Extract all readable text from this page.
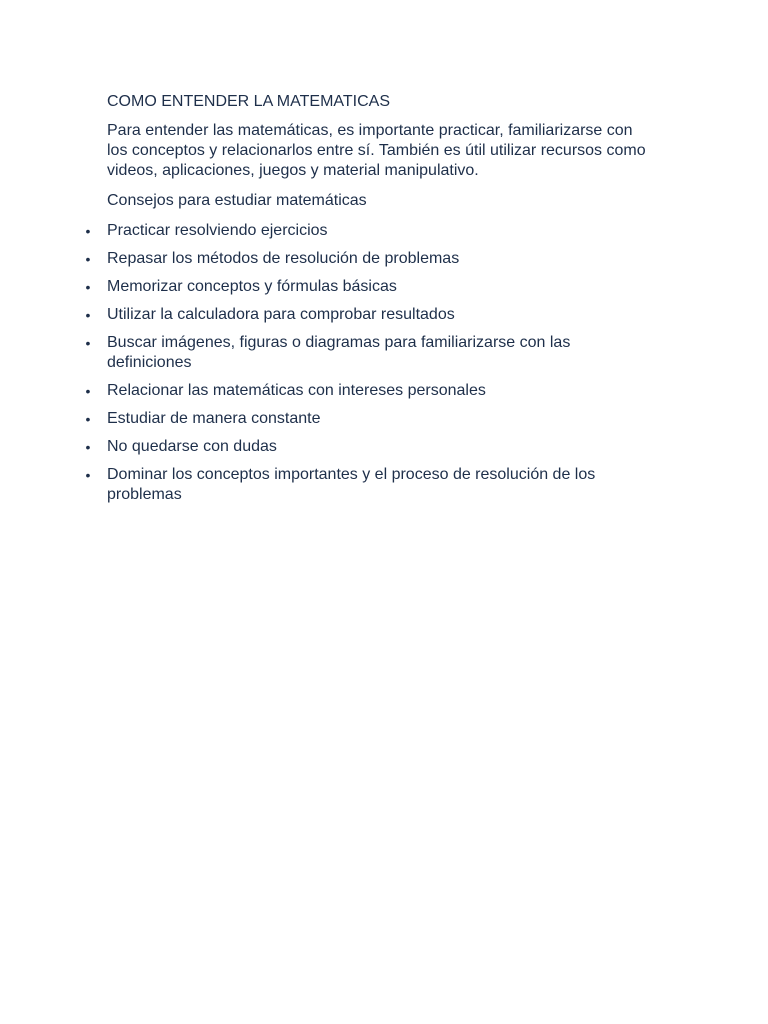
COMO ENTENDER LA MATEMATICAS

Para entender las matemáticas, es importante practicar, familiarizarse con los conceptos y relacionarlos entre sí. También es útil utilizar recursos como videos, aplicaciones, juegos y material manipulativo.

Consejos para estudiar matemáticas

• Practicar resolviendo ejercicios
• Repasar los métodos de resolución de problemas
• Memorizar conceptos y fórmulas básicas
• Utilizar la calculadora para comprobar resultados
• Buscar imágenes, figuras o diagramas para familiarizarse con las definiciones
• Relacionar las matemáticas con intereses personales
• Estudiar de manera constante
• No quedarse con dudas
• Dominar los conceptos importantes y el proceso de resolución de los problemas
